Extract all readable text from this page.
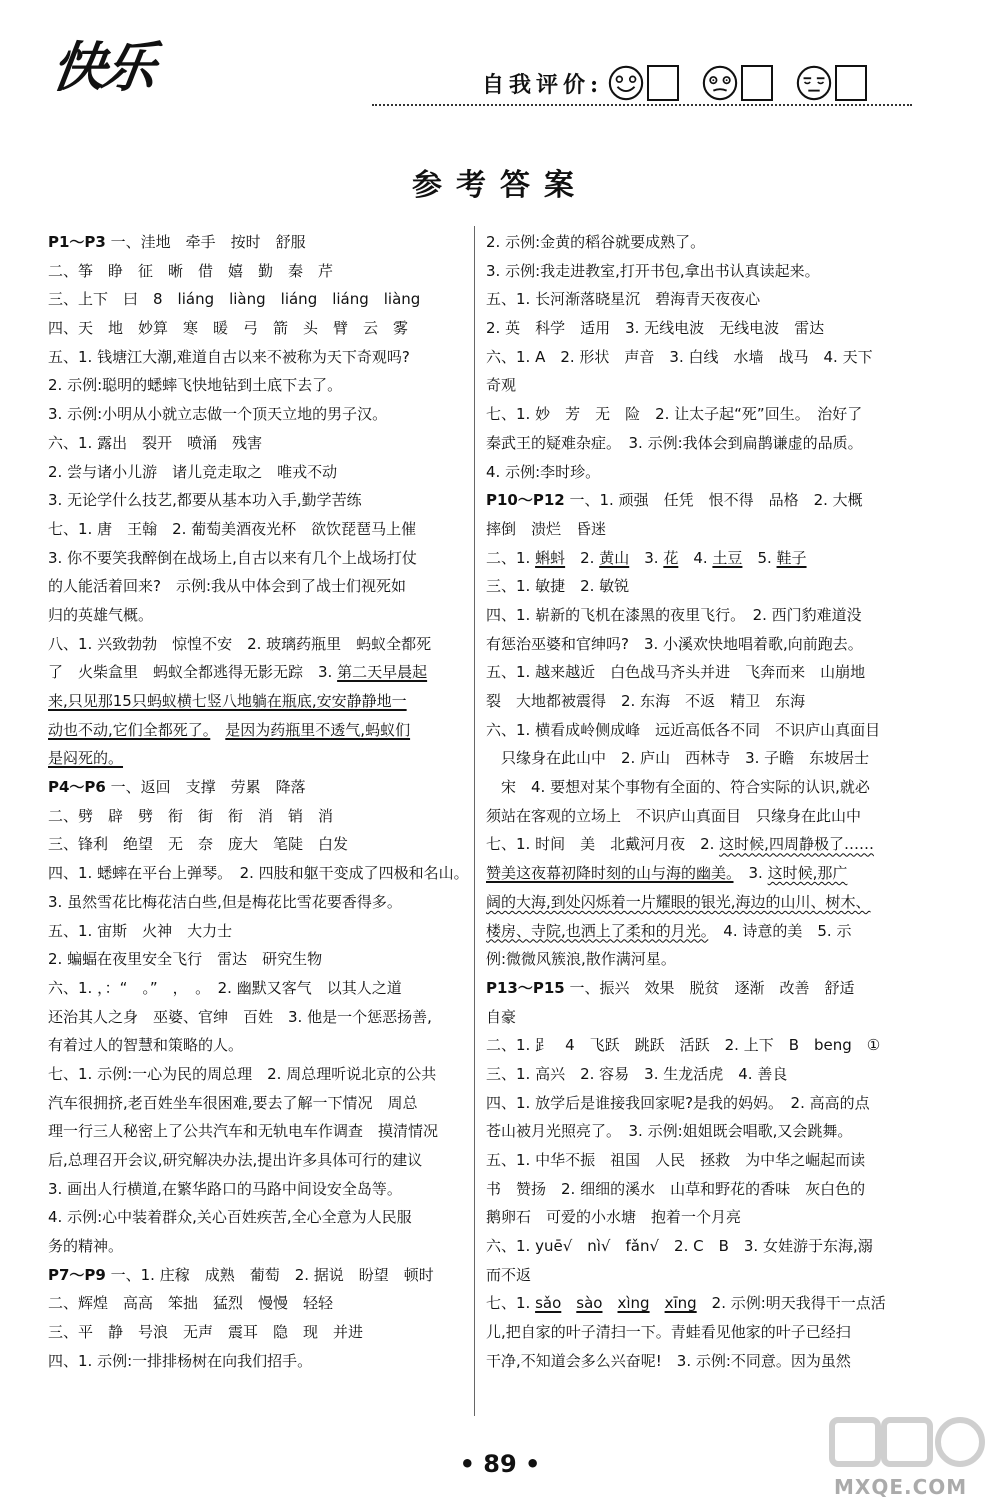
快乐	自我评价:
参考答案
P1～P3 一、洼地　牵手　按时　舒服
二、筝　睁　征　晰　借　嬉　勤　秦　芹
三、上下　曰　8　liáng　liàng　liáng　liáng　liàng
四、天　地　妙算　寒　暖　弓　箭　头　臂　云　雾
五、1. 钱塘江大潮,难道自古以来不被称为天下奇观吗?
2. 示例:聪明的蟋蟀飞快地钻到土底下去了。
3. 示例:小明从小就立志做一个顶天立地的男子汉。
六、1. 露出　裂开　喷涌　残害
2. 尝与诸小儿游　诸儿竞走取之　唯戎不动
3. 无论学什么技艺,都要从基本功入手,勤学苦练
七、1. 唐　王翰　2. 葡萄美酒夜光杯　欲饮琵琶马上催
3. 你不要笑我醉倒在战场上,自古以来有几个上战场打仗
的人能活着回来?　示例:我从中体会到了战士们视死如
归的英雄气概。
八、1. 兴致勃勃　惊惶不安　2. 玻璃药瓶里　蚂蚁全都死
了　火柴盒里　蚂蚁全都逃得无影无踪　3. 第二天早晨起
来,只见那15只蚂蚁横七竖八地躺在瓶底,安安静静地一
动也不动,它们全都死了。　 是因为药瓶里不透气,蚂蚁们
是闷死的。
P4～P6 一、返回　支撑　劳累　降落
二、劈　辟　劈　衔　街　衔　消　销　消
三、锋利　绝望　无　奈　庞大　笔陡　白发
四、1. 蟋蟀在平台上弹琴。　2. 四肢和躯干变成了四极和名山。
3. 虽然雪花比梅花洁白些,但是梅花比雪花要香得多。
五、1. 宙斯　火神　大力士
2. 蝙蝠在夜里安全飞行　雷达　研究生物
六、1. ，：“　。”　，　。　2. 幽默又客气　以其人之道
还治其人之身　巫婆、官绅　百姓　3. 他是一个惩恶扬善,
有着过人的智慧和策略的人。
七、1. 示例:一心为民的周总理　2. 周总理听说北京的公共
汽车很拥挤,老百姓坐车很困难,要去了解一下情况　周总
理一行三人秘密上了公共汽车和无轨电车作调查　摸清情况
后,总理召开会议,研究解决办法,提出许多具体可行的建议
3. 画出人行横道,在繁华路口的马路中间设安全岛等。
4. 示例:心中装着群众,关心百姓疾苦,全心全意为人民服
务的精神。
P7～P9 一、1. 庄稼　成熟　葡萄　2. 据说　盼望　顿时
二、辉煌　高高　笨拙　猛烈　慢慢　轻轻
三、平　静　号浪　无声　震耳　隐　现　并进
四、1. 示例:一排排杨树在向我们招手。
2. 示例:金黄的稻谷就要成熟了。
3. 示例:我走进教室,打开书包,拿出书认真读起来。
五、1. 长河渐落晓星沉　碧海青天夜夜心
2. 英　科学　适用　3. 无线电波　无线电波　雷达
六、1. A　2. 形状　声音　3. 白线　水墙　战马　4. 天下
奇观
七、1. 妙　芳　无　险　2. 让太子起“死”回生。　治好了
秦武王的疑难杂症。　3. 示例:我体会到扁鹊谦虚的品质。
4. 示例:李时珍。
P10～P12 一、1. 顽强　任凭　恨不得　品格　2. 大概
摔倒　溃烂　昏迷
二、1. 蝌蚪　2. 黄山　3. 花　4. 土豆　5. 鞋子
三、1. 敏捷　2. 敏锐
四、1. 崭新的飞机在漆黑的夜里飞行。　2. 西门豹难道没
有惩治巫婆和官绅吗?　3. 小溪欢快地唱着歌,向前跑去。
五、1. 越来越近　白色战马齐头并进　飞奔而来　山崩地
裂　大地都被震得　2. 东海　不返　精卫　东海
六、1. 横看成岭侧成峰　远近高低各不同　不识庐山真面目
　只缘身在此山中　2. 庐山　西林寺　3. 子瞻　东坡居士
　宋　4. 要想对某个事物有全面的、符合实际的认识,就必
须站在客观的立场上　不识庐山真面目　只缘身在此山中
七、1. 时间　美　北戴河月夜　2. 这时候,四周静极了……
赞美这夜幕初降时刻的山与海的幽美。　3. 这时候,那广
阔的大海,到处闪烁着一片耀眼的银光,海边的山川、树木、
楼房、寺院,也洒上了柔和的月光。　4. 诗意的美　5. 示
例:微微风簇浪,散作满河星。
P13～P15 一、振兴　效果　脱贫　逐渐　改善　舒适
自豪
二、1. 𧾷　4　飞跃　跳跃　活跃　2. 上下　B　beng　①
三、1. 高兴　2. 容易　3. 生龙活虎　4. 善良
四、1. 放学后是谁接我回家呢?是我的妈妈。　2. 高高的点
苍山被月光照亮了。　3. 示例:姐姐既会唱歌,又会跳舞。
五、1. 中华不振　祖国　人民　拯救　为中华之崛起而读
书　赞扬　2. 细细的溪水　山草和野花的香味　灰白色的
鹅卵石　可爱的小水塘　抱着一个月亮
六、1. yuē√　nì√　fǎn√　2. C　B　3. 女娃游于东海,溺
而不返
七、1. sǎo　 sào　 xìng　 xīng　2. 示例:明天我得干一点活
儿,把自家的叶子清扫一下。青蛙看见他家的叶子已经扫
干净,不知道会多么兴奋呢!　3. 示例:不同意。因为虽然
• 89 •
MXQE.COM
